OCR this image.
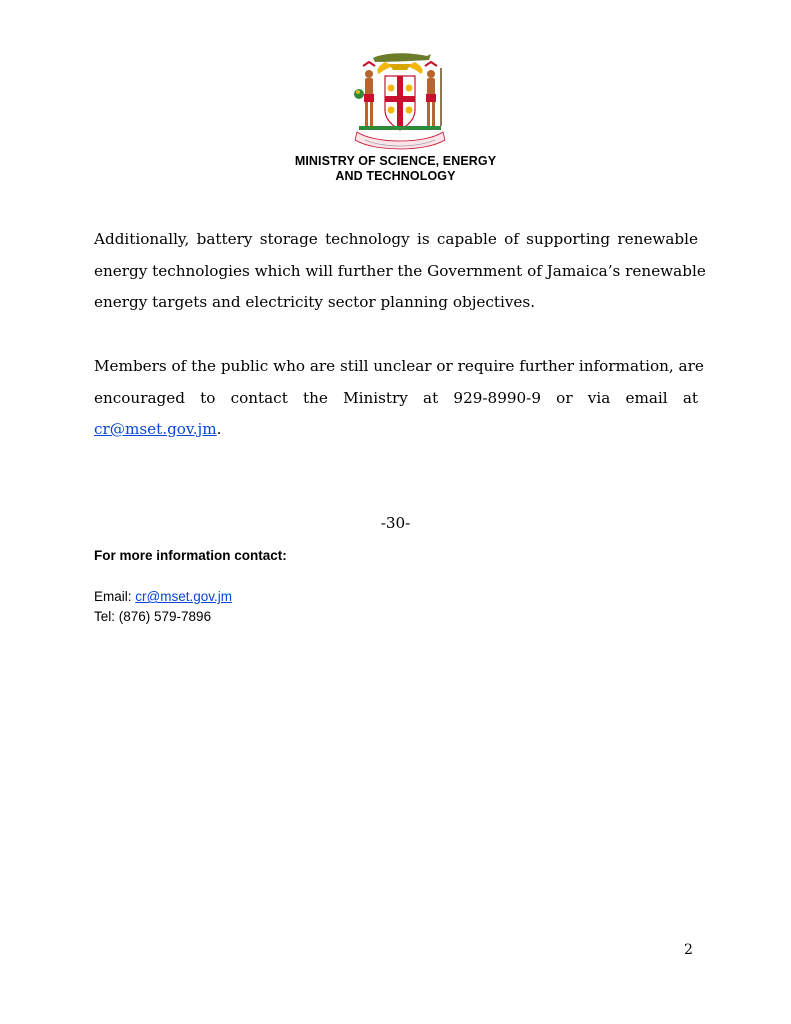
MINISTRY OF SCIENCE, ENERGY
AND TECHNOLOGY
Additionally, battery storage technology is capable of supporting renewable
energy technologies which will further the Government of Jamaica’s renewable
energy targets and electricity sector planning objectives.
Members of the public who are still unclear or require further information, are
encouraged to contact the Ministry at 929-8990-9 or via email at
cr@mset.gov.jm.
-30-
For more information contact:
Email: cr@mset.gov.jm
Tel: (876) 579-7896
2
